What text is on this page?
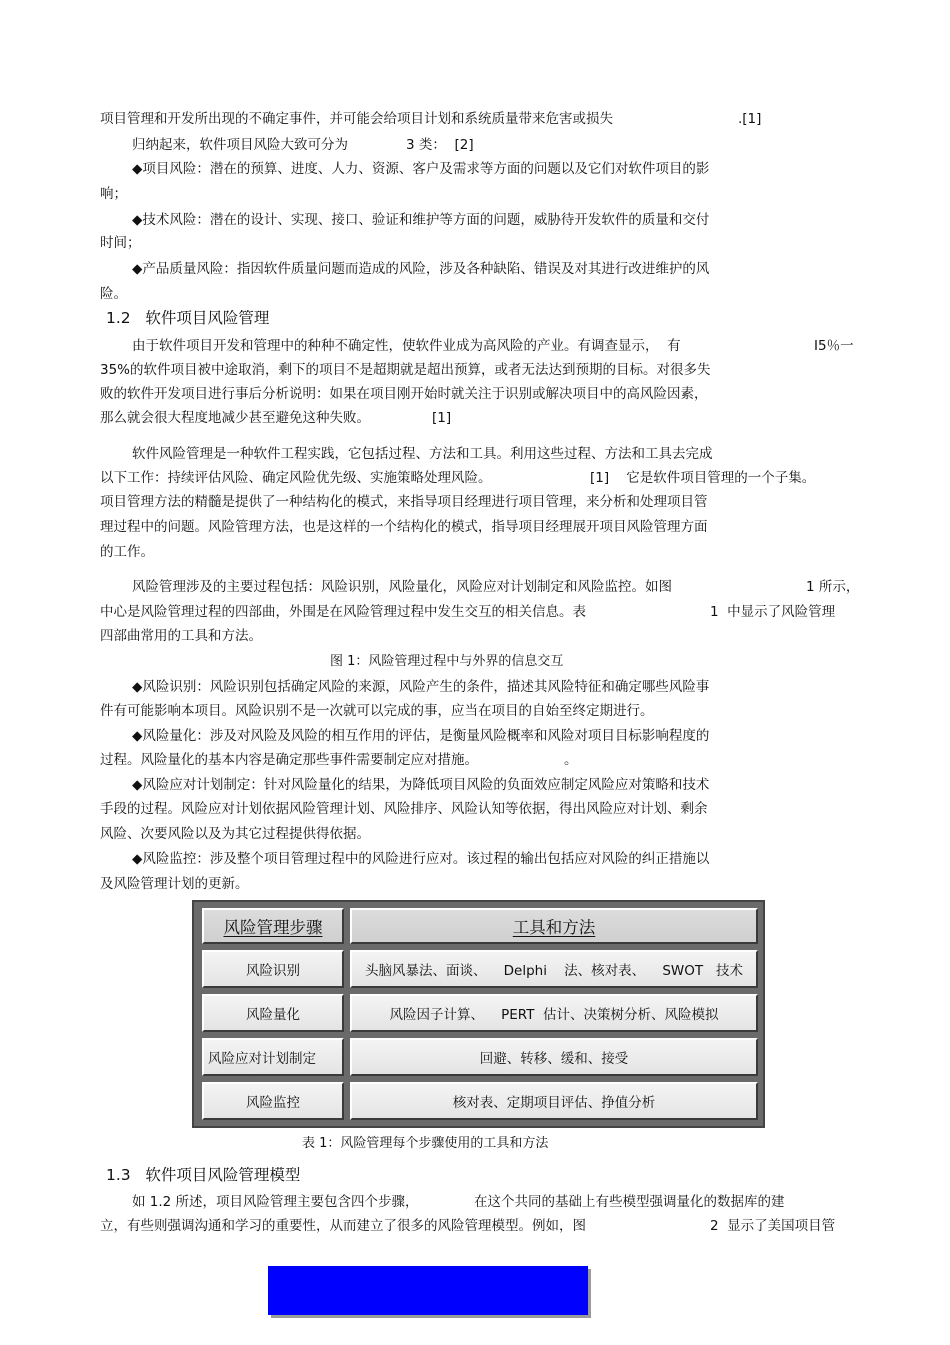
项目管理和开发所出现的不确定事件，并可能会给项目计划和系统质量带来危害或损失	.[1]
归纳起来，软件项目风险大致可分为	3 类：  [2]
◆项目风险：潜在的预算、进度、人力、资源、客户及需求等方面的问题以及它们对软件项目的影
响；
◆技术风险：潜在的设计、实现、接口、验证和维护等方面的问题，威胁待开发软件的质量和交付
时间；
◆产品质量风险：指因软件质量问题而造成的风险，涉及各种缺陷、错误及对其进行改进维护的风
险。
1.2   软件项目风险管理
由于软件项目开发和管理中的种种不确定性，使软件业成为高风险的产业。有调查显示，  有	I5％一
35%的软件项目被中途取消，剩下的项目不是超期就是超出预算，或者无法达到预期的目标。对很多失
败的软件开发项目进行事后分析说明：如果在项目刚开始时就关注于识别或解决项目中的高风险因素，
那么就会很大程度地减少甚至避免这种失败。	[1]
软件风险管理是一种软件工程实践，它包括过程、方法和工具。利用这些过程、方法和工具去完成
以下工作：持续评估风险、确定风险优先级、实施策略处理风险。	[1]    它是软件项目管理的一个子集。
项目管理方法的精髓是提供了一种结构化的模式，来指导项目经理进行项目管理，来分析和处理项目管
理过程中的问题。风险管理方法，也是这样的一个结构化的模式，指导项目经理展开项目风险管理方面
的工作。
风险管理涉及的主要过程包括：风险识别，风险量化，风险应对计划制定和风险监控。如图	1 所示，
中心是风险管理过程的四部曲，外围是在风险管理过程中发生交互的相关信息。表	1  中显示了风险管理
四部曲常用的工具和方法。
图 1：风险管理过程中与外界的信息交互
◆风险识别：风险识别包括确定风险的来源，风险产生的条件，描述其风险特征和确定哪些风险事
件有可能影响本项目。风险识别不是一次就可以完成的事，应当在项目的自始至终定期进行。
◆风险量化：涉及对风险及风险的相互作用的评估，是衡量风险概率和风险对项目目标影响程度的
过程。风险量化的基本内容是确定那些事件需要制定应对措施。	。
◆风险应对计划制定：针对风险量化的结果，为降低项目风险的负面效应制定风险应对策略和技术
手段的过程。风险应对计划依据风险管理计划、风险排序、风险认知等依据，得出风险应对计划、剩余
风险、次要风险以及为其它过程提供得依据。
◆风险监控：涉及整个项目管理过程中的风险进行应对。该过程的输出包括应对风险的纠正措施以
及风险管理计划的更新。
风险管理步骤	工具和方法
风险识别	头脑风暴法、面谈、    Delphi    法、核对表、    SWOT   技术
风险量化	风险因子计算、    PERT  估计、决策树分析、风险模拟
风险应对计划制定	回避、转移、缓和、接受
风险监控	核对表、定期项目评估、挣值分析
表 1：风险管理每个步骤使用的工具和方法
1.3   软件项目风险管理模型
如 1.2 所述，项目风险管理主要包含四个步骤，	在这个共同的基础上有些模型强调量化的数据库的建
立，有些则强调沟通和学习的重要性，从而建立了很多的风险管理模型。例如，图	2  显示了美国项目管
